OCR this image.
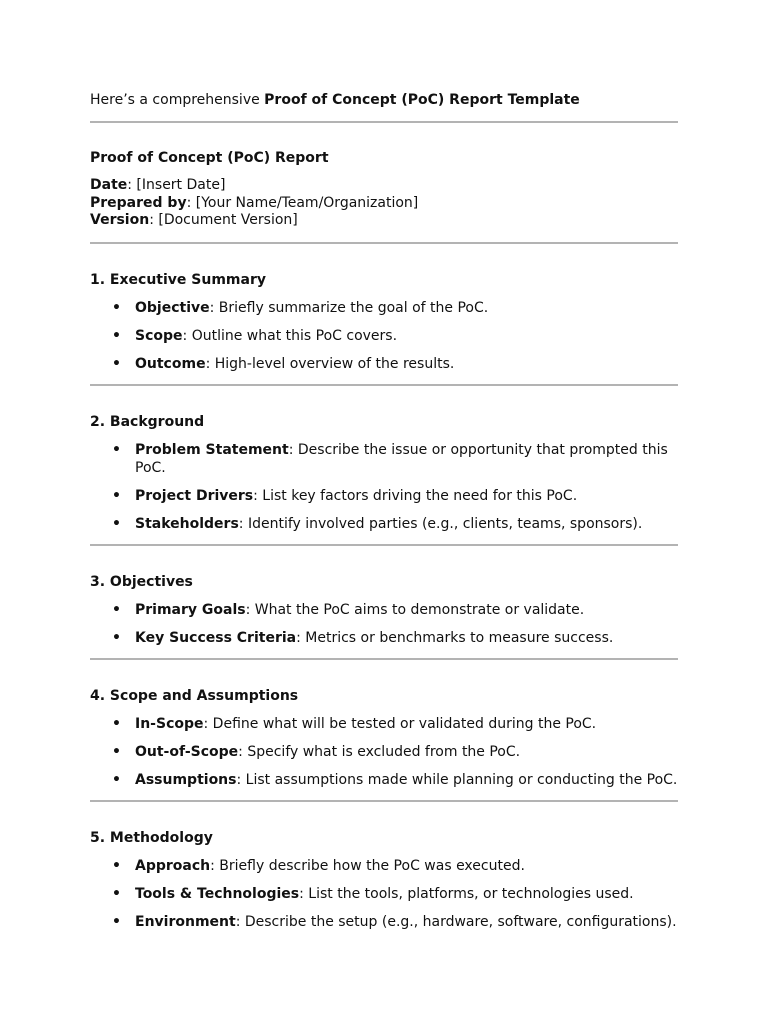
Here’s a comprehensive Proof of Concept (PoC) Report Template

Proof of Concept (PoC) Report

Date: [Insert Date]

Prepared by: [Your Name/Team/Organization]

Version: [Document Version]

1. Executive Summary

• Objective: Briefly summarize the goal of the PoC.
• Scope: Outline what this PoC covers.
• Outcome: High-level overview of the results.

2. Background

• Problem Statement: Describe the issue or opportunity that prompted this PoC.
• Project Drivers: List key factors driving the need for this PoC.
• Stakeholders: Identify involved parties (e.g., clients, teams, sponsors).

3. Objectives

• Primary Goals: What the PoC aims to demonstrate or validate.
• Key Success Criteria: Metrics or benchmarks to measure success.

4. Scope and Assumptions

• In-Scope: Define what will be tested or validated during the PoC.
• Out-of-Scope: Specify what is excluded from the PoC.
• Assumptions: List assumptions made while planning or conducting the PoC.

5. Methodology

• Approach: Briefly describe how the PoC was executed.
• Tools & Technologies: List the tools, platforms, or technologies used.
• Environment: Describe the setup (e.g., hardware, software, configurations).
